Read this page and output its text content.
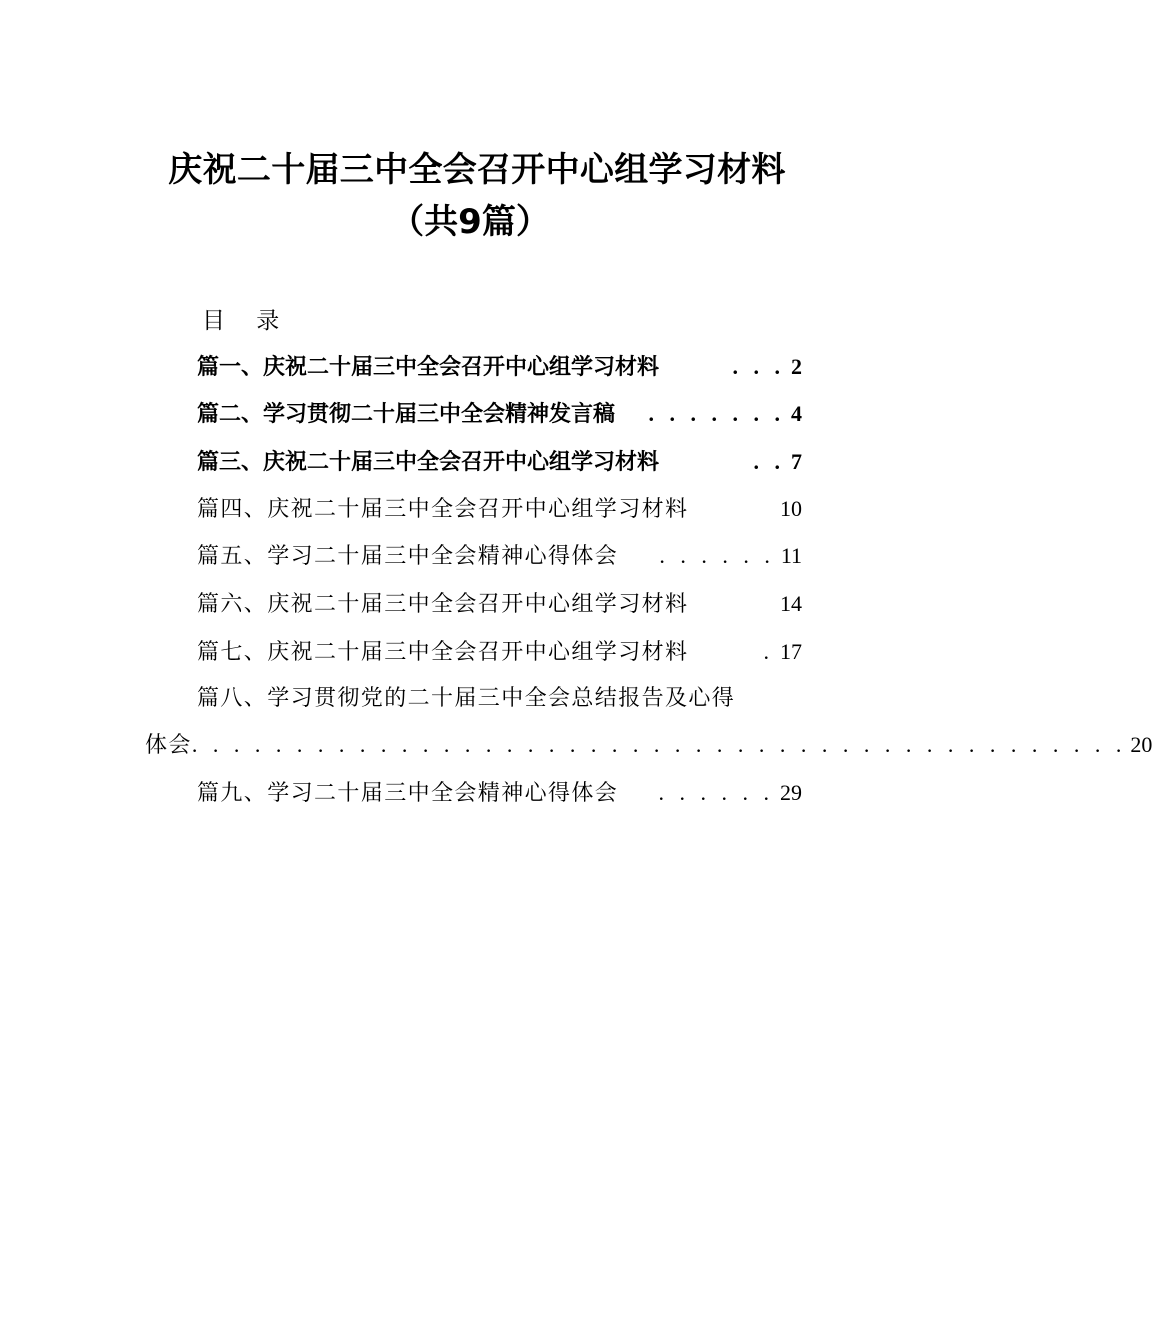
庆祝二十届三中全会召开中心组学习材料
（共9篇）
目 录
篇一、庆祝二十届三中全会召开中心组学习材料	. . . 2
篇二、学习贯彻二十届三中全会精神发言稿	. . . . . . . 4
篇三、庆祝二十届三中全会召开中心组学习材料	. . 7
篇四、庆祝二十届三中全会召开中心组学习材料	10
篇五、学习二十届三中全会精神心得体会	. . . . . . 11
篇六、庆祝二十届三中全会召开中心组学习材料	14
篇七、庆祝二十届三中全会召开中心组学习材料	. 17
篇八、学习贯彻党的二十届三中全会总结报告及心得
体会 . . . . . . . . . . . . . . . . . . . . . . . . . . . . . . . . . . . . . . . . . . . . . 20
篇九、学习二十届三中全会精神心得体会	. . . . . . 29
